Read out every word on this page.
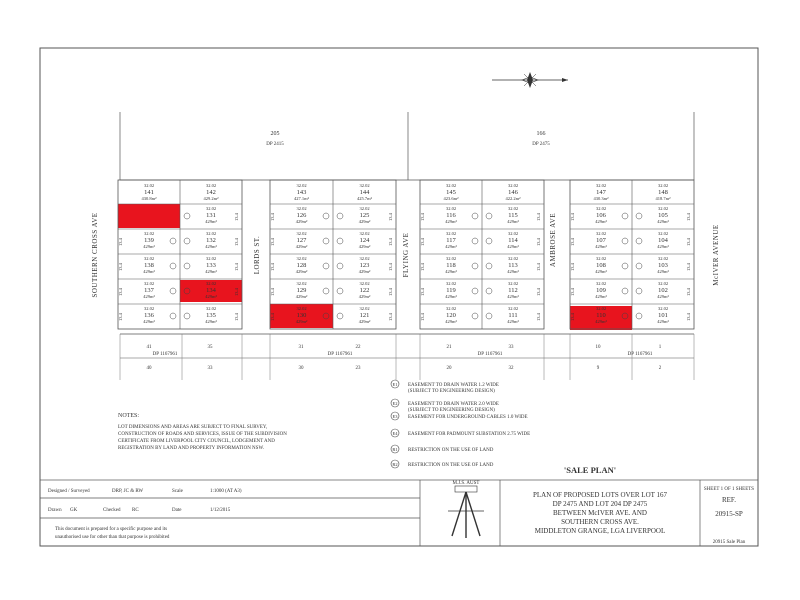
205
DP 2415
166
DP 2475
SOUTHERN CROSS AVE	LORDS ST.	FLYING AVE	AMBROSE AVE	McIVER AVENUE
32.02
141
430.8m²
32.02
142
429.2m²
32.02
139
429m²
13.4
32.02
138
429m²
13.4
32.02
137
429m²
13.4
32.02
136
429m²
13.4
32.02
131
429m²
13.4
32.02
132
429m²
13.4
32.02
133
429m²
13.4
32.02
134
429m²
13.4
32.02
135
429m²
13.4
32.02
143
427.1m²
32.02
144
425.7m²
32.02
126
429m²
13.4
32.02
127
429m²
13.4
32.02
128
429m²
13.4
32.02
129
429m²
13.4
32.02
130
429m²
13.4
32.02
125
429m²
13.4
32.02
124
429m²
13.4
32.02
123
429m²
13.4
32.02
122
429m²
13.4
32.02
121
429m²
13.4
32.02
145
423.6m²
32.02
146
422.2m²
32.02
116
429m²
13.4
32.02
117
429m²
13.4
32.02
118
429m²
13.4
32.02
119
429m²
13.4
32.02
120
429m²
13.4
32.02
115
429m²
13.4
32.02
114
429m²
13.4
32.02
113
429m²
13.4
32.02
112
429m²
13.4
32.02
111
429m²
13.4
32.02
147
430.3m²
32.02
148
418.7m²
32.02
106
429m²
13.4
32.02
107
429m²
13.4
32.02
108
429m²
13.4
32.02
109
429m²
13.4
32.02
110
429m²
13.4
32.02
105
429m²
13.4
32.02
104
429m²
13.4
32.02
103
429m²
13.4
32.02
102
429m²
13.4
32.02
101
429m²
13.4
41	35	31	22	21	33	10	1
40	33	30	23	20	32	9	2
DP 1167961	DP 1167961	DP 1167961	DP 1167961
NOTES:
LOT DIMENSIONS AND AREAS ARE SUBJECT TO FINAL SURVEY,
CONSTRUCTION OF ROADS AND SERVICES, ISSUE OF THE SUBDIVISION
CERTIFICATE FROM LIVERPOOL CITY COUNCIL, LODGEMENT AND
REGISTRATION BY LAND AND PROPERTY INFORMATION NSW.
E1 EASEMENT TO DRAIN WATER 1.2 WIDE
(SUBJECT TO ENGINEERING DESIGN)
E2 EASEMENT TO DRAIN WATER 2.0 WIDE
(SUBJECT TO ENGINEERING DESIGN)
E3 EASEMENT FOR UNDERGROUND CABLES 1.0 WIDE
E4 EASEMENT FOR PADMOUNT SUBSTATION 2.75 WIDE
R1 RESTRICTION ON THE USE OF LAND
R2 RESTRICTION ON THE USE OF LAND	'SALE PLAN'
Designed / Surveyed	DRP, JC & RW	Scale	1:1000 (AT A3)
Drawn GK	Checked RC	Date	1/12/2015
This document is prepared for a specific purpose and its
unauthorised use for other than that purpose is prohibited
M.J.S. AUST
PLAN OF PROPOSED LOTS OVER LOT 167
DP 2475 AND LOT 204 DP 2475
BETWEEN McIVER AVE. AND
SOUTHERN CROSS AVE.
MIDDLETON GRANGE, LGA LIVERPOOL
SHEET 1 OF 1 SHEETS
REF.
20915-SP
20915 Sale Plan
